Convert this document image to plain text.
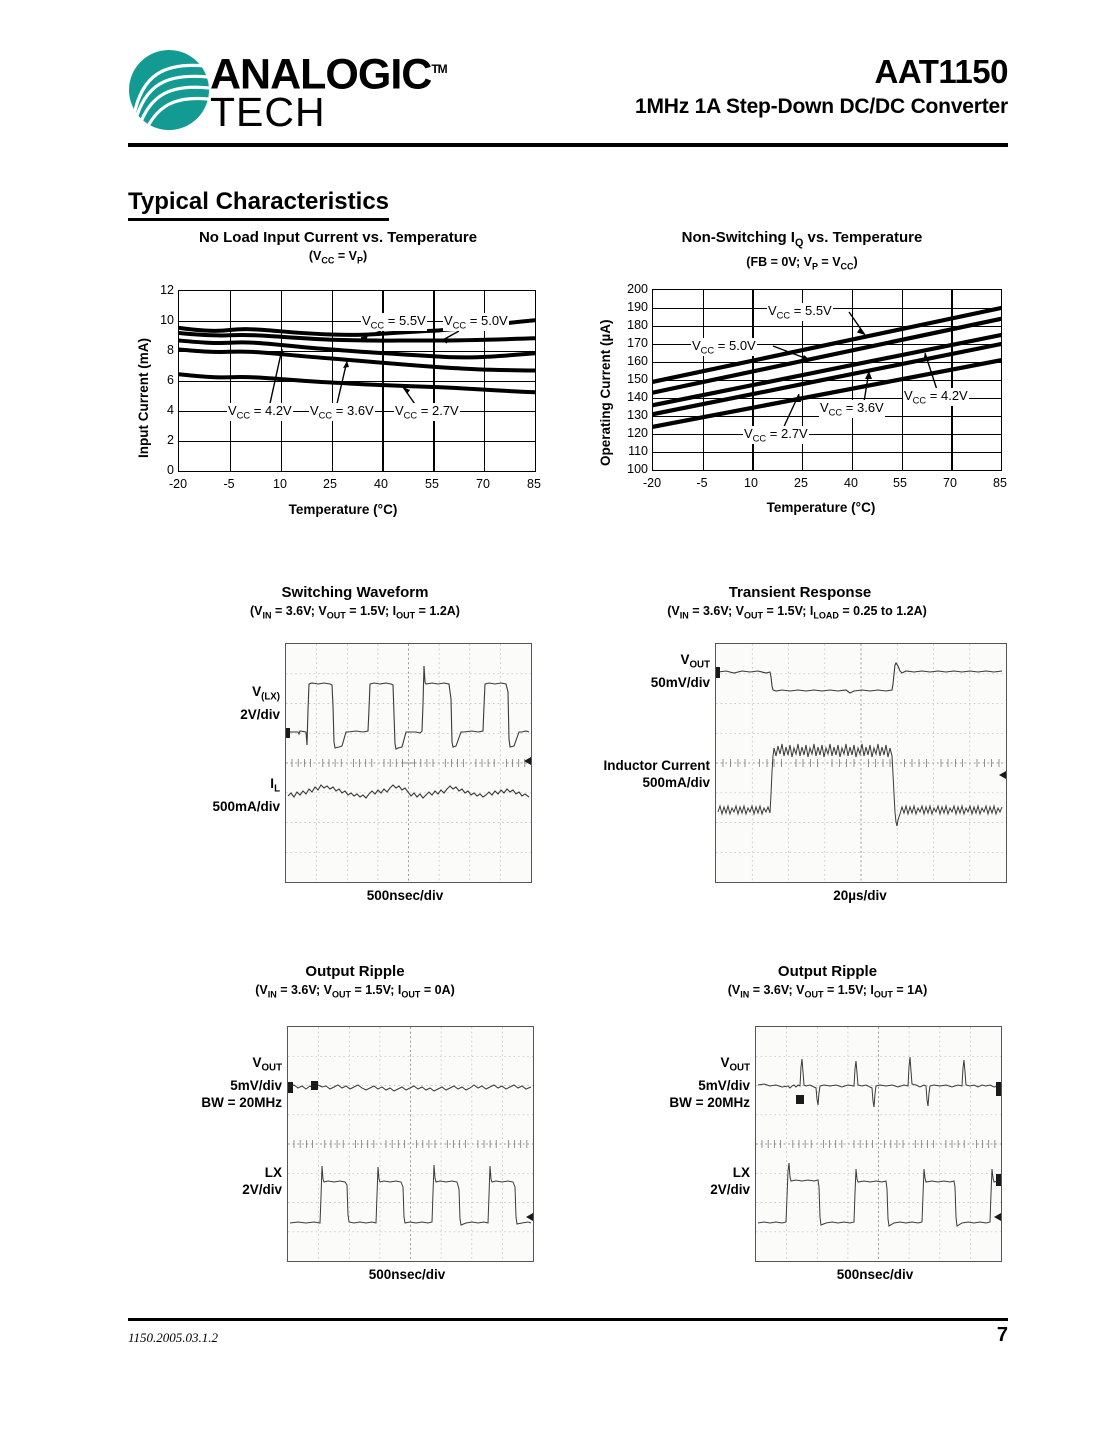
ANALOGIC™
TECH
AAT1150
1MHz 1A Step-Down DC/DC Converter
Typical Characteristics
No Load Input Current vs. Temperature
$(V_{CC} = V_P)$
Input Current (mA)
0
2
4
6
8
10
12
$V_{CC} = 5.5V$ $V_{CC} = 5.0V$
$V_{CC} = 4.2V$ $V_{CC} = 3.6V$ $V_{CC} = 2.7V$
-20	-5	10	25	40	55	70	85
Temperature (°C)
Non-Switching $I_Q$ vs. Temperature
(FB = 0V; $V_P = V_{CC}$)
Operating Current (µA)
100
110
120
130
140
150
160
170
180
190
200
$V_{CC} = 5.5V$
$V_{CC} = 5.0V$
$V_{CC} = 4.2V$
$V_{CC} = 3.6V$
$V_{CC} = 2.7V$
-20	-5	10	25	40	55	70	85
Temperature (°C)
Switching Waveform
($V_{IN} = 3.6V$; $V_{OUT} = 1.5V$; $I_{OUT} = 1.2A$)
$V_{(LX)}$
2V/div
$I_L$
500mA/div
500nsec/div
Transient Response
($V_{IN} = 3.6V$; $V_{OUT} = 1.5V$; $I_{LOAD} = 0.25$ to 1.2A)
$V_{OUT}$
50mV/div
Inductor Current
500mA/div
20µs/div
Output Ripple
($V_{IN} = 3.6V$; $V_{OUT} = 1.5V$; $I_{OUT} = 0A$)
$V_{OUT}$
5mV/div
BW = 20MHz
LX
2V/div
500nsec/div
Output Ripple
($V_{IN} = 3.6V$; $V_{OUT} = 1.5V$; $I_{OUT} = 1A$)
$V_{OUT}$
5mV/div
BW = 20MHz
LX
2V/div
500nsec/div
1150.2005.03.1.2	7
